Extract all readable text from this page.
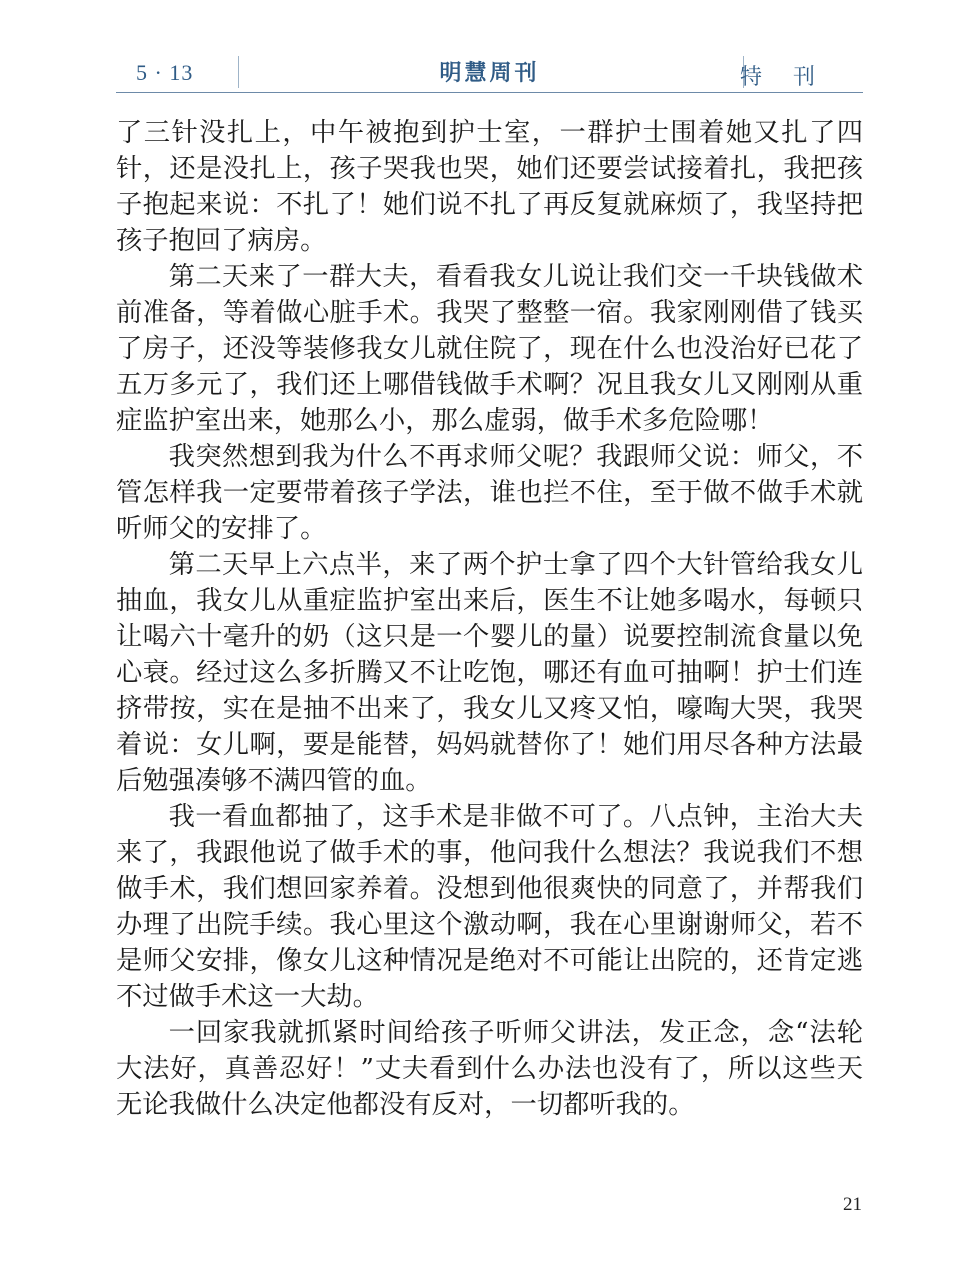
5 · 13	明慧周刊	特 刊

了三针没扎上，中午被抱到护士室，一群护士围着她又扎了四针，还是没扎上，孩子哭我也哭，她们还要尝试接着扎，我把孩子抱起来说：不扎了！她们说不扎了再反复就麻烦了，我坚持把孩子抱回了病房。

第二天来了一群大夫，看看我女儿说让我们交一千块钱做术前准备，等着做心脏手术。我哭了整整一宿。我家刚刚借了钱买了房子，还没等装修我女儿就住院了，现在什么也没治好已花了五万多元了，我们还上哪借钱做手术啊？况且我女儿又刚刚从重症监护室出来，她那么小，那么虚弱，做手术多危险哪！

我突然想到我为什么不再求师父呢？我跟师父说：师父，不管怎样我一定要带着孩子学法，谁也拦不住，至于做不做手术就听师父的安排了。

第二天早上六点半，来了两个护士拿了四个大针管给我女儿抽血，我女儿从重症监护室出来后，医生不让她多喝水，每顿只让喝六十毫升的奶（这只是一个婴儿的量）说要控制流食量以免心衰。经过这么多折腾又不让吃饱，哪还有血可抽啊！护士们连挤带按，实在是抽不出来了，我女儿又疼又怕，嚎啕大哭，我哭着说：女儿啊，要是能替，妈妈就替你了！她们用尽各种方法最后勉强凑够不满四管的血。

我一看血都抽了，这手术是非做不可了。八点钟，主治大夫来了，我跟他说了做手术的事，他问我什么想法？我说我们不想做手术，我们想回家养着。没想到他很爽快的同意了，并帮我们办理了出院手续。我心里这个激动啊，我在心里谢谢师父，若不是师父安排，像女儿这种情况是绝对不可能让出院的，还肯定逃不过做手术这一大劫。

一回家我就抓紧时间给孩子听师父讲法，发正念，念“法轮大法好，真善忍好！”丈夫看到什么办法也没有了，所以这些天无论我做什么决定他都没有反对，一切都听我的。

21
